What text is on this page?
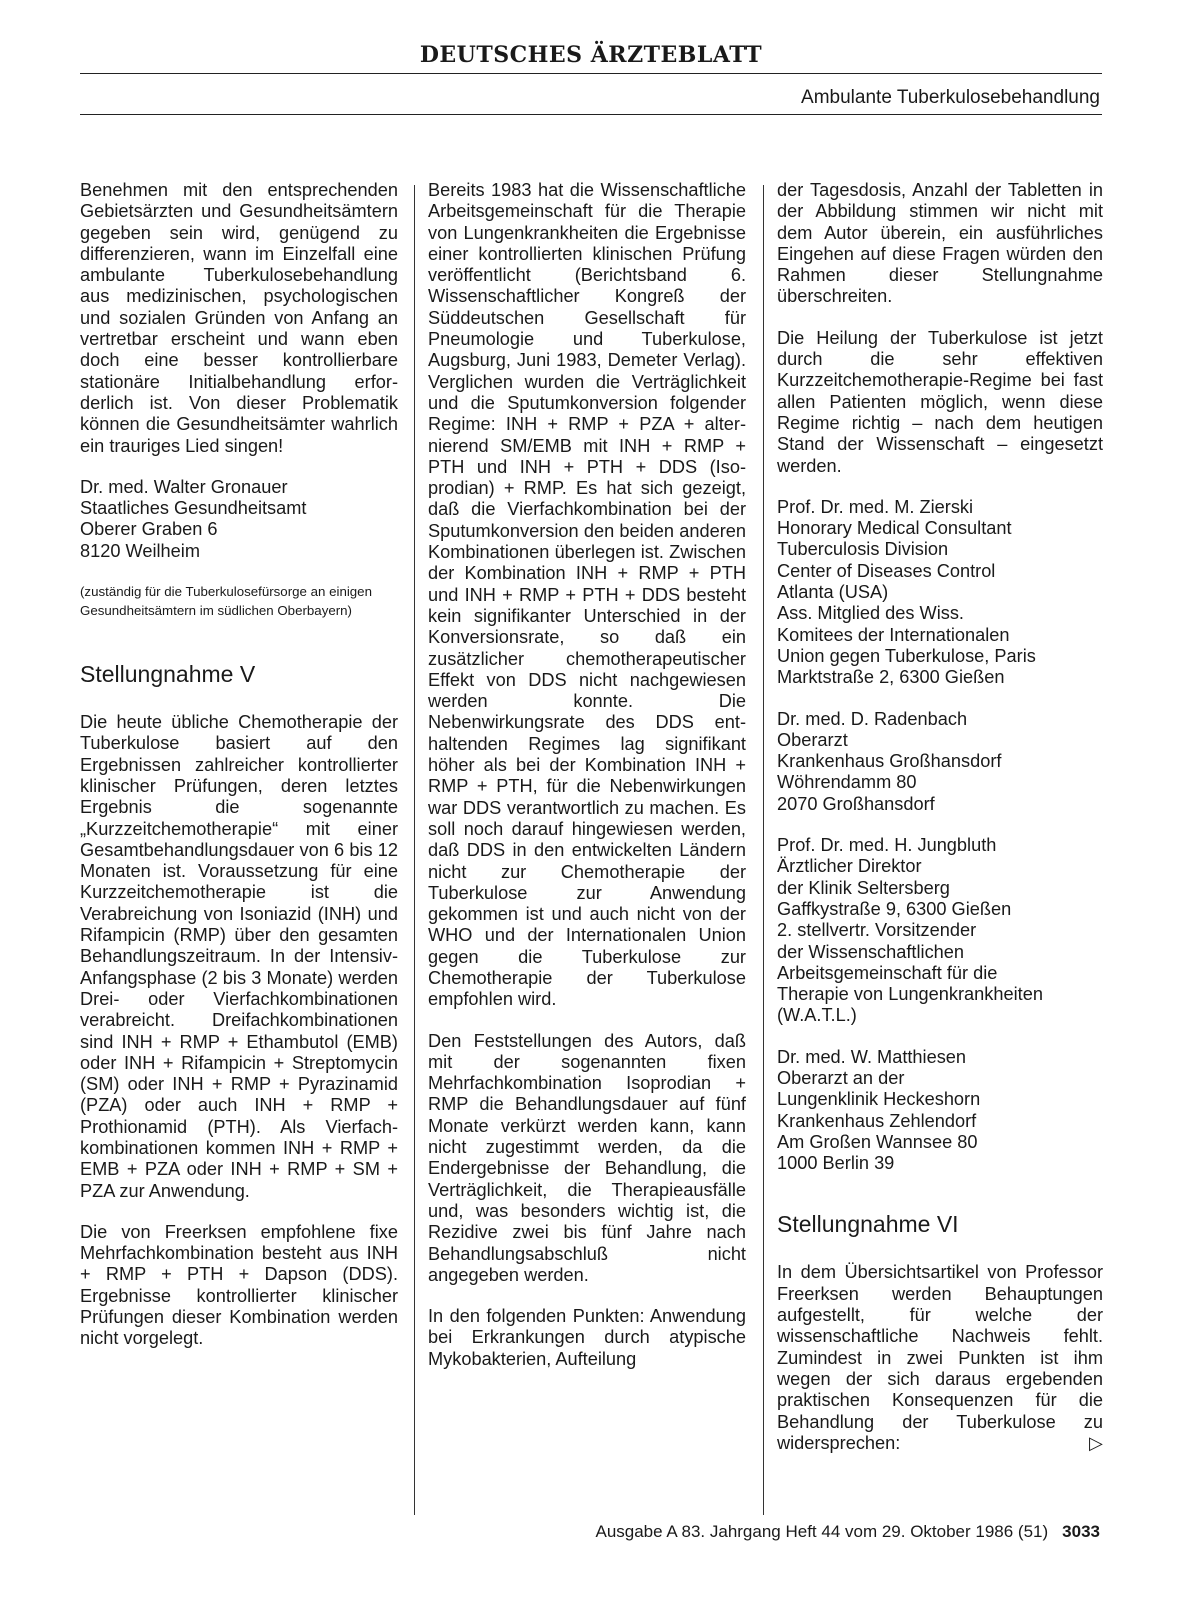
DEUTSCHES ÄRZTEBLATT
Ambulante Tuberkulosebehandlung

Benehmen mit den entsprechenden Gebietsärzten und Gesundheitsämtern gegeben sein wird, genügend zu differenzieren, wann im Einzelfall eine ambulante Tuberkulosebehandlung aus medizinischen, psychologischen und sozialen Gründen von Anfang an vertretbar erscheint und wann eben doch eine besser kontrollierbare stationäre Initialbehandlung erforderlich ist. Von dieser Problematik können die Gesundheitsämter wahrlich ein trauriges Lied singen!

Dr. med. Walter Gronauer
Staatliches Gesundheitsamt
Oberer Graben 6
8120 Weilheim

(zuständig für die Tuberkulosefürsorge an einigen Gesundheitsämtern im südlichen Oberbayern)

Stellungnahme V

Die heute übliche Chemotherapie der Tuberkulose basiert auf den Ergebnissen zahlreicher kontrollierter klinischer Prüfungen, deren letztes Ergebnis die sogenannte „Kurzzeitchemotherapie“ mit einer Gesamtbehandlungsdauer von 6 bis 12 Monaten ist. Voraussetzung für eine Kurzzeitchemotherapie ist die Verabreichung von Isoniazid (INH) und Rifampicin (RMP) über den gesamten Behandlungszeitraum. In der Intensiv-Anfangsphase (2 bis 3 Monate) werden Drei- oder Vierfachkombinationen verabreicht. Dreifachkombinationen sind INH + RMP + Ethambutol (EMB) oder INH + Rifampicin + Streptomycin (SM) oder INH + RMP + Pyrazinamid (PZA) oder auch INH + RMP + Prothionamid (PTH). Als Vierfachkombinationen kommen INH + RMP + EMB + PZA oder INH + RMP + SM + PZA zur Anwendung.

Die von Freerksen empfohlene fixe Mehrfachkombination besteht aus INH + RMP + PTH + Dapson (DDS). Ergebnisse kontrollierter klinischer Prüfungen dieser Kombination werden nicht vorgelegt.

Bereits 1983 hat die Wissenschaftliche Arbeitsgemeinschaft für die Therapie von Lungenkrankheiten die Ergebnisse einer kontrollierten klinischen Prüfung veröffentlicht (Berichtsband 6. Wissenschaftlicher Kongreß der Süddeutschen Gesellschaft für Pneumologie und Tuberkulose, Augsburg, Juni 1983, Demeter Verlag). Verglichen wurden die Verträglichkeit und die Sputumkonversion folgender Regime: INH + RMP + PZA + alternierend SM/EMB mit INH + RMP + PTH und INH + PTH + DDS (Isoprodian) + RMP. Es hat sich gezeigt, daß die Vierfachkombination bei der Sputumkonversion den beiden anderen Kombinationen überlegen ist. Zwischen der Kombination INH + RMP + PTH und INH + RMP + PTH + DDS besteht kein signifikanter Unterschied in der Konversionsrate, so daß ein zusätzlicher chemotherapeutischer Effekt von DDS nicht nachgewiesen werden konnte. Die Nebenwirkungsrate des DDS enthaltenden Regimes lag signifikant höher als bei der Kombination INH + RMP + PTH, für die Nebenwirkungen war DDS verantwortlich zu machen. Es soll noch darauf hingewiesen werden, daß DDS in den entwickelten Ländern nicht zur Chemotherapie der Tuberkulose zur Anwendung gekommen ist und auch nicht von der WHO und der Internationalen Union gegen die Tuberkulose zur Chemotherapie der Tuberkulose empfohlen wird.

Den Feststellungen des Autors, daß mit der sogenannten fixen Mehrfachkombination Isoprodian + RMP die Behandlungsdauer auf fünf Monate verkürzt werden kann, kann nicht zugestimmt werden, da die Endergebnisse der Behandlung, die Verträglichkeit, die Therapieausfälle und, was besonders wichtig ist, die Rezidive zwei bis fünf Jahre nach Behandlungsabschluß nicht angegeben werden.

In den folgenden Punkten: Anwendung bei Erkrankungen durch atypische Mykobakterien, Aufteilung

der Tagesdosis, Anzahl der Tabletten in der Abbildung stimmen wir nicht mit dem Autor überein, ein ausführliches Eingehen auf diese Fragen würden den Rahmen dieser Stellungnahme überschreiten.

Die Heilung der Tuberkulose ist jetzt durch die sehr effektiven Kurzzeitchemotherapie-Regime bei fast allen Patienten möglich, wenn diese Regime richtig – nach dem heutigen Stand der Wissenschaft – eingesetzt werden.

Prof. Dr. med. M. Zierski
Honorary Medical Consultant
Tuberculosis Division
Center of Diseases Control
Atlanta (USA)
Ass. Mitglied des Wiss.
Komitees der Internationalen
Union gegen Tuberkulose, Paris
Marktstraße 2, 6300 Gießen
Dr. med. D. Radenbach
Oberarzt
Krankenhaus Großhansdorf
Wöhrendamm 80
2070 Großhansdorf
Prof. Dr. med. H. Jungbluth
Ärztlicher Direktor
der Klinik Seltersberg
Gaffkystraße 9, 6300 Gießen
2. stellvertr. Vorsitzender
der Wissenschaftlichen
Arbeitsgemeinschaft für die
Therapie von Lungenkrankheiten
(W.A.T.L.)
Dr. med. W. Matthiesen
Oberarzt an der
Lungenklinik Heckeshorn
Krankenhaus Zehlendorf
Am Großen Wannsee 80
1000 Berlin 39
Stellungnahme VI

In dem Übersichtsartikel von Professor Freerksen werden Behauptungen aufgestellt, für welche der wissenschaftliche Nachweis fehlt. Zumindest in zwei Punkten ist ihm wegen der sich daraus ergebenden praktischen Konsequenzen für die Behandlung der Tuberkulose zu widersprechen:	▷

Ausgabe A 83. Jahrgang Heft 44 vom 29. Oktober 1986 (51) 3033
